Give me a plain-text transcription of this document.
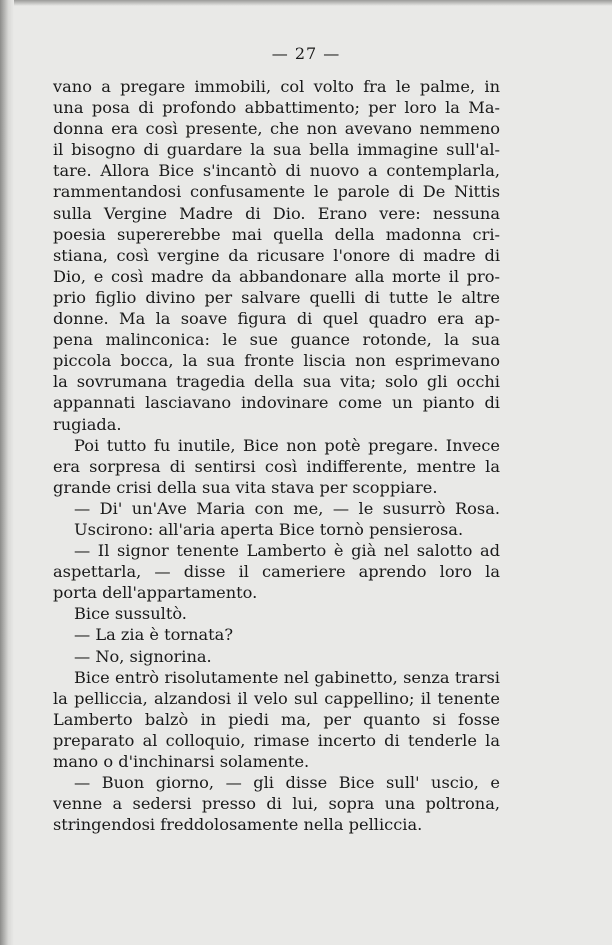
— 27 —
vano a pregare immobili, col volto fra le palme, in
una posa di profondo abbattimento; per loro la Ma-
donna era così presente, che non avevano nemmeno
il bisogno di guardare la sua bella immagine sull'al-
tare. Allora Bice s'incantò di nuovo a contemplarla,
rammentandosi confusamente le parole di De Nittis
sulla Vergine Madre di Dio. Erano vere: nessuna
poesia supererebbe mai quella della madonna cri-
stiana, così vergine da ricusare l'onore di madre di
Dio, e così madre da abbandonare alla morte il pro-
prio figlio divino per salvare quelli di tutte le altre
donne. Ma la soave figura di quel quadro era ap-
pena malinconica: le sue guance rotonde, la sua
piccola bocca, la sua fronte liscia non esprimevano
la sovrumana tragedia della sua vita; solo gli occhi
appannati lasciavano indovinare come un pianto di
rugiada.
Poi tutto fu inutile, Bice non potè pregare. Invece
era sorpresa di sentirsi così indifferente, mentre la
grande crisi della sua vita stava per scoppiare.
— Di' un'Ave Maria con me, — le susurrò Rosa.
Uscirono: all'aria aperta Bice tornò pensierosa.
— Il signor tenente Lamberto è già nel salotto ad
aspettarla, — disse il cameriere aprendo loro la
porta dell'appartamento.
Bice sussultò.
— La zia è tornata?
— No, signorina.
Bice entrò risolutamente nel gabinetto, senza trarsi
la pelliccia, alzandosi il velo sul cappellino; il tenente
Lamberto balzò in piedi ma, per quanto si fosse
preparato al colloquio, rimase incerto di tenderle la
mano o d'inchinarsi solamente.
— Buon giorno, — gli disse Bice sull' uscio, e
venne a sedersi presso di lui, sopra una poltrona,
stringendosi freddolosamente nella pelliccia.
